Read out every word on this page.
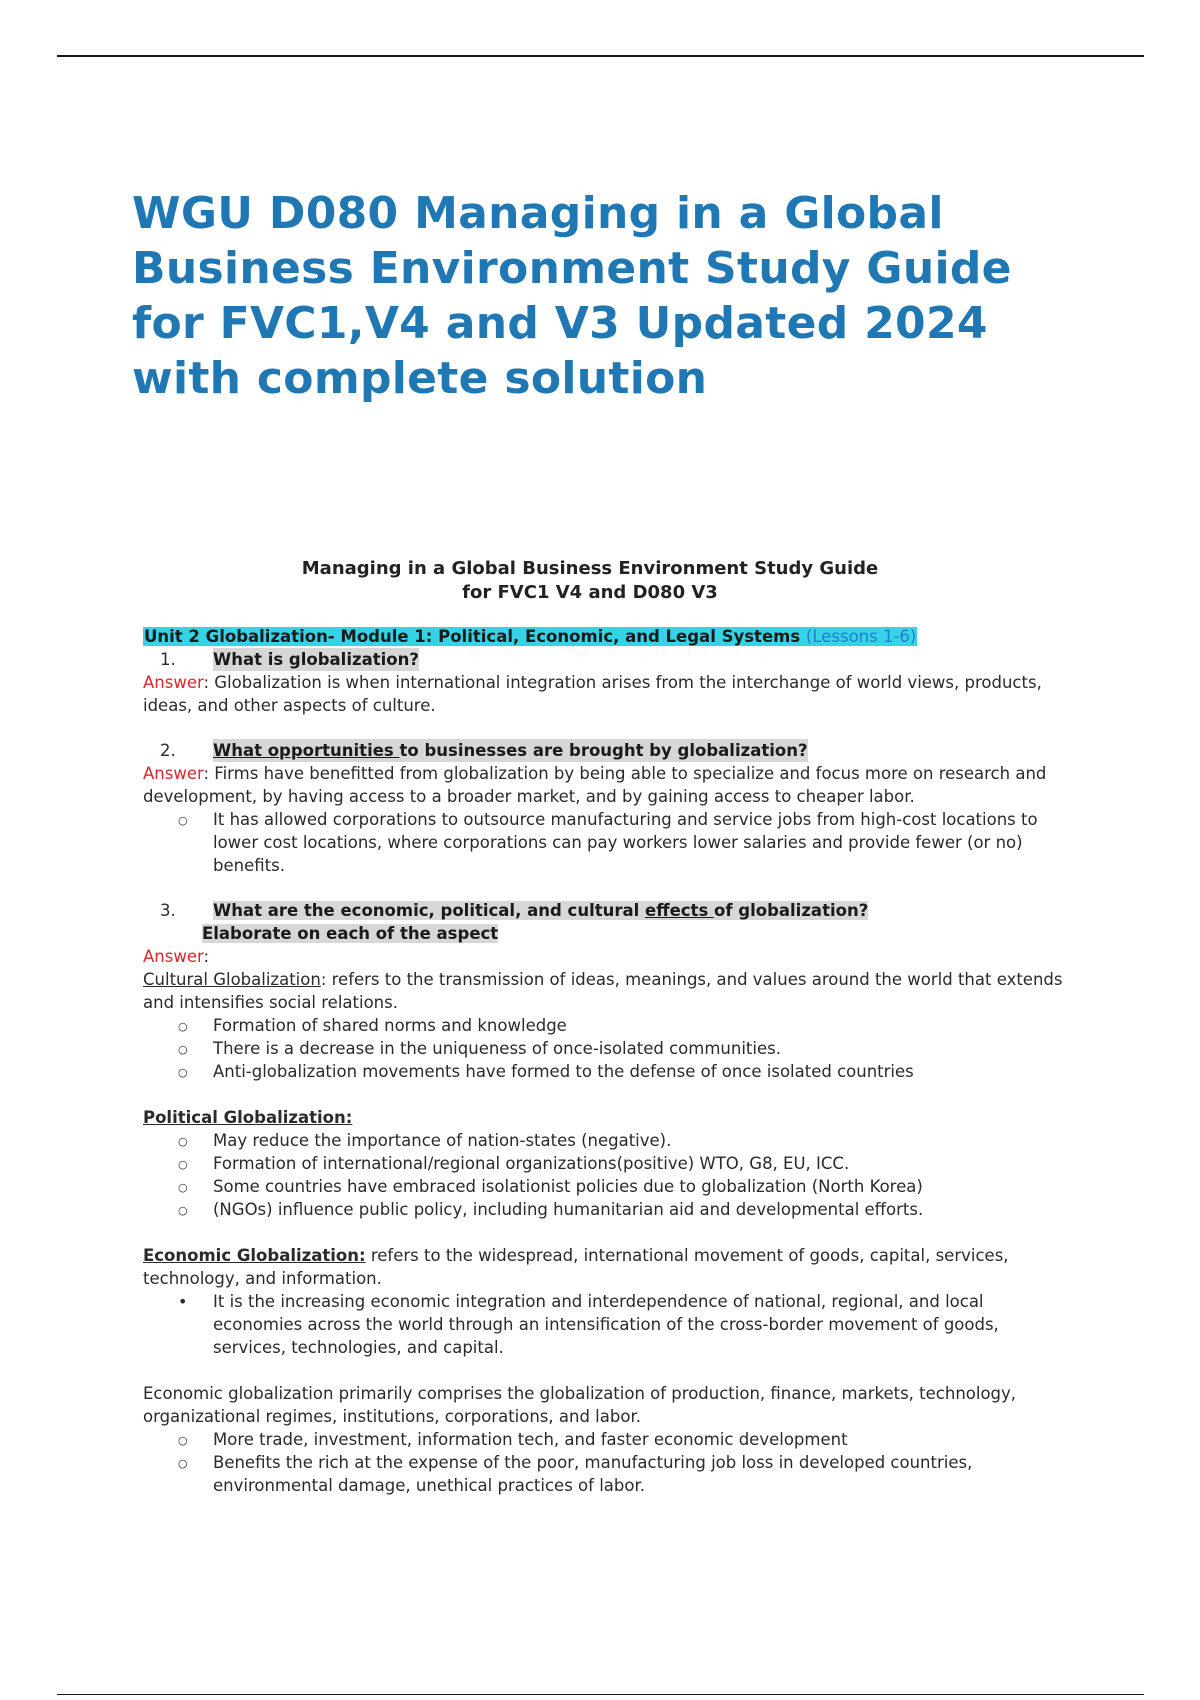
WGU D080 Managing in a Global Business Environment Study Guide for FVC1,V4 and V3 Updated 2024 with complete solution
Managing in a Global Business Environment Study Guide
for FVC1 V4 and D080 V3
Unit 2 Globalization- Module 1: Political, Economic, and Legal Systems (Lessons 1-6)
1.	What is globalization?
Answer: Globalization is when international integration arises from the interchange of world views, products, ideas, and other aspects of culture.
2.	What opportunities to businesses are brought by globalization?
Answer: Firms have benefitted from globalization by being able to specialize and focus more on research and development, by having access to a broader market, and by gaining access to cheaper labor.
○ It has allowed corporations to outsource manufacturing and service jobs from high-cost locations to lower cost locations, where corporations can pay workers lower salaries and provide fewer (or no) benefits.
3.	What are the economic, political, and cultural effects of globalization?
Elaborate on each of the aspect
Answer:
Cultural Globalization: refers to the transmission of ideas, meanings, and values around the world that extends and intensifies social relations.
○ Formation of shared norms and knowledge
○ There is a decrease in the uniqueness of once-isolated communities.
○ Anti-globalization movements have formed to the defense of once isolated countries
Political Globalization:
○ May reduce the importance of nation-states (negative).
○ Formation of international/regional organizations(positive) WTO, G8, EU, ICC.
○ Some countries have embraced isolationist policies due to globalization (North Korea)
○ (NGOs) influence public policy, including humanitarian aid and developmental efforts.
Economic Globalization: refers to the widespread, international movement of goods, capital, services, technology, and information.
• It is the increasing economic integration and interdependence of national, regional, and local economies across the world through an intensification of the cross-border movement of goods, services, technologies, and capital.
Economic globalization primarily comprises the globalization of production, finance, markets, technology, organizational regimes, institutions, corporations, and labor.
○ More trade, investment, information tech, and faster economic development
○ Benefits the rich at the expense of the poor, manufacturing job loss in developed countries, environmental damage, unethical practices of labor.
